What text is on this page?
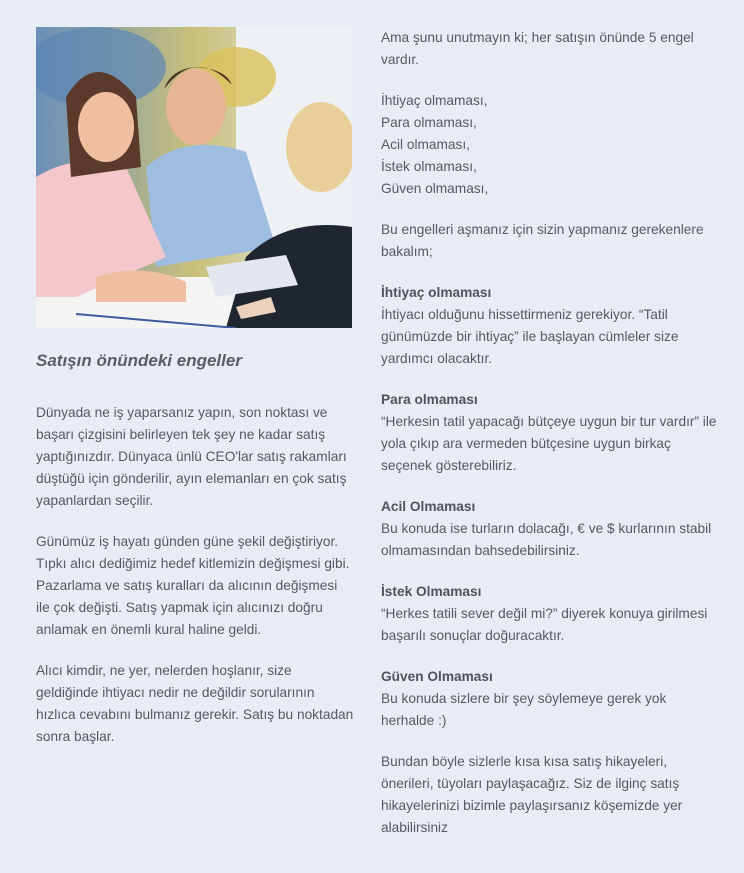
Satışın önündeki engeller

Dünyada ne iş yaparsanız yapın, son noktası ve başarı çizgisini belirleyen tek şey ne kadar satış yaptığınızdır. Dünyaca ünlü CEO'lar satış rakamları düştüğü için gönderilir, ayın elemanları en çok satış yapanlardan seçilir.

Günümüz iş hayatı günden güne şekil değiştiriyor. Tıpkı alıcı dediğimiz hedef kitlemizin değişmesi gibi. Pazarlama ve satış kuralları da alıcının değişmesi ile çok değişti. Satış yapmak için alıcınızı doğru anlamak en önemli kural haline geldi.

Alıcı kimdir, ne yer, nelerden hoşlanır, size geldiğinde ihtiyacı nedir ne değildir sorularının hızlıca cevabını bulmanız gerekir. Satış bu noktadan sonra başlar.

Ama şunu unutmayın ki; her satışın önünde 5 engel vardır.

İhtiyaç olmaması,

Para olmaması,

Acil olmaması,

İstek olmaması,

Güven olmaması,

Bu engelleri aşmanız için sizin yapmanız gerekenlere bakalım;

İhtiyaç olmaması
İhtiyacı olduğunu hissettirmeniz gerekiyor. “Tatil günümüzde bir ihtiyaç” ile başlayan cümleler size yardımcı olacaktır.
Para olmaması
“Herkesin tatil yapacağı bütçeye uygun bir tur vardır” ile yola çıkıp ara vermeden bütçesine uygun birkaç seçenek gösterebiliriz.
Acil Olmaması
Bu konuda ise turların dolacağı, € ve $ kurlarının stabil olmamasından bahsedebilirsiniz.
İstek Olmaması
“Herkes tatili sever değil mi?” diyerek konuya girilmesi başarılı sonuçlar doğuracaktır.
Güven Olmaması
Bu konuda sizlere bir şey söylemeye gerek yok herhalde :)

Bundan böyle sizlerle kısa kısa satış hikayeleri, önerileri, tüyoları paylaşacağız. Siz de ilginç satış hikayelerinizi bizimle paylaşırsanız köşemizde yer alabilirsiniz
